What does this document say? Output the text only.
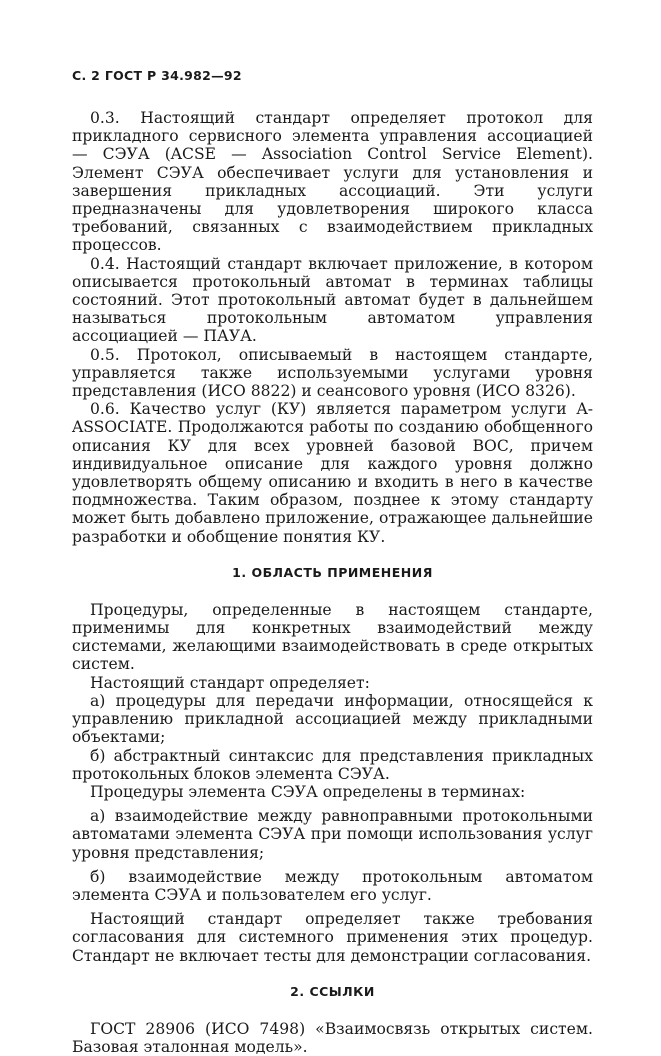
С. 2 ГОСТ Р 34.982—92

0.3. Настоящий стандарт определяет протокол для прикладного сервисного элемента управления ассоциацией — СЭУА (ACSE — Association Control Service Element). Элемент СЭУА обеспечивает услуги для установления и завершения прикладных ассоциаций. Эти услуги предназначены для удовлетворения широкого класса требований, связанных с взаимодействием прикладных процессов.

0.4. Настоящий стандарт включает приложение, в котором описывается протокольный автомат в терминах таблицы состояний. Этот протокольный автомат будет в дальнейшем называться протокольным автоматом управления ассоциацией — ПАУА.

0.5. Протокол, описываемый в настоящем стандарте, управляется также используемыми услугами уровня представления (ИСО 8822) и сеансового уровня (ИСО 8326).

0.6. Качество услуг (КУ) является параметром услуги A-ASSOCIATE. Продолжаются работы по созданию обобщенного описания КУ для всех уровней базовой ВОС, причем индивидуальное описание для каждого уровня должно удовлетворять общему описанию и входить в него в качестве подмножества. Таким образом, позднее к этому стандарту может быть добавлено приложение, отражающее дальнейшие разработки и обобщение понятия КУ.

1. ОБЛАСТЬ ПРИМЕНЕНИЯ

Процедуры, определенные в настоящем стандарте, применимы для конкретных взаимодействий между системами, желающими взаимодействовать в среде открытых систем.

Настоящий стандарт определяет:

а) процедуры для передачи информации, относящейся к управлению прикладной ассоциацией между прикладными объектами;

б) абстрактный синтаксис для представления прикладных протокольных блоков элемента СЭУА.

Процедуры элемента СЭУА определены в терминах:

а) взаимодействие между равноправными протокольными автоматами элемента СЭУА при помощи использования услуг уровня представления;

б) взаимодействие между протокольным автоматом элемента СЭУА и пользователем его услуг.

Настоящий стандарт определяет также требования согласования для системного применения этих процедур. Стандарт не включает тесты для демонстрации согласования.

2. ССЫЛКИ

ГОСТ 28906 (ИСО 7498) «Взаимосвязь открытых систем. Базовая эталонная модель».
